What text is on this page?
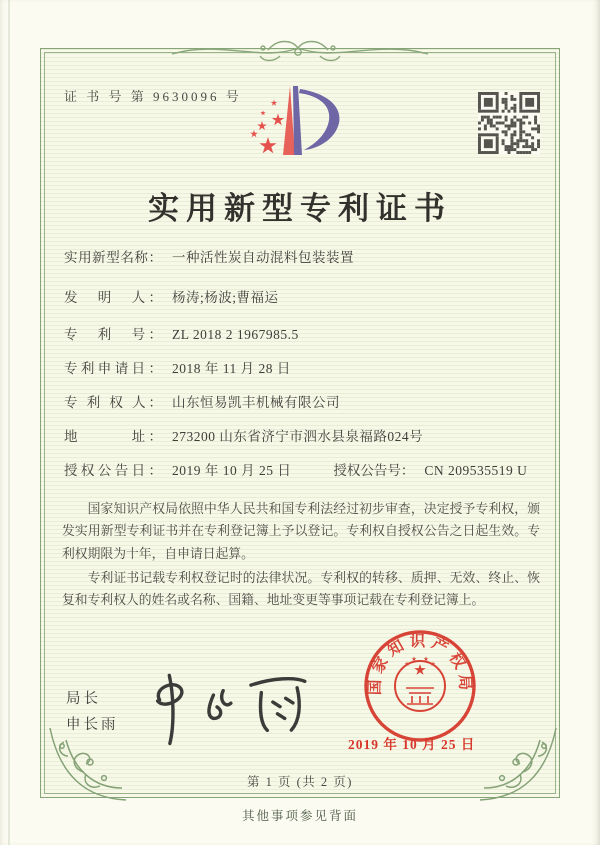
证 书 号 第 9630096 号
实用新型专利证书
实用新型名称： 一种活性炭自动混料包装装置
发　明　人： 杨涛;杨波;曹福运
专　利　号： ZL 2018 2 1967985.5
专利申请日： 2018 年 11 月 28 日
专 利 权 人： 山东恒易凯丰机械有限公司
地　　　址： 273200 山东省济宁市泗水县泉福路024号
授权公告日： 2019 年 10 月 25 日	授权公告号： CN 209535519 U

国家知识产权局依照中华人民共和国专利法经过初步审查，决定授予专利权，颁发实用新型专利证书并在专利登记簿上予以登记。专利权自授权公告之日起生效。专利权期限为十年，自申请日起算。

专利证书记载专利权登记时的法律状况。专利权的转移、质押、无效、终止、恢复和专利权人的姓名或名称、国籍、地址变更等事项记载在专利登记簿上。

局长
申长雨
国家知识产权局
2019 年 10 月 25 日
第 1 页 (共 2 页)
其他事项参见背面
